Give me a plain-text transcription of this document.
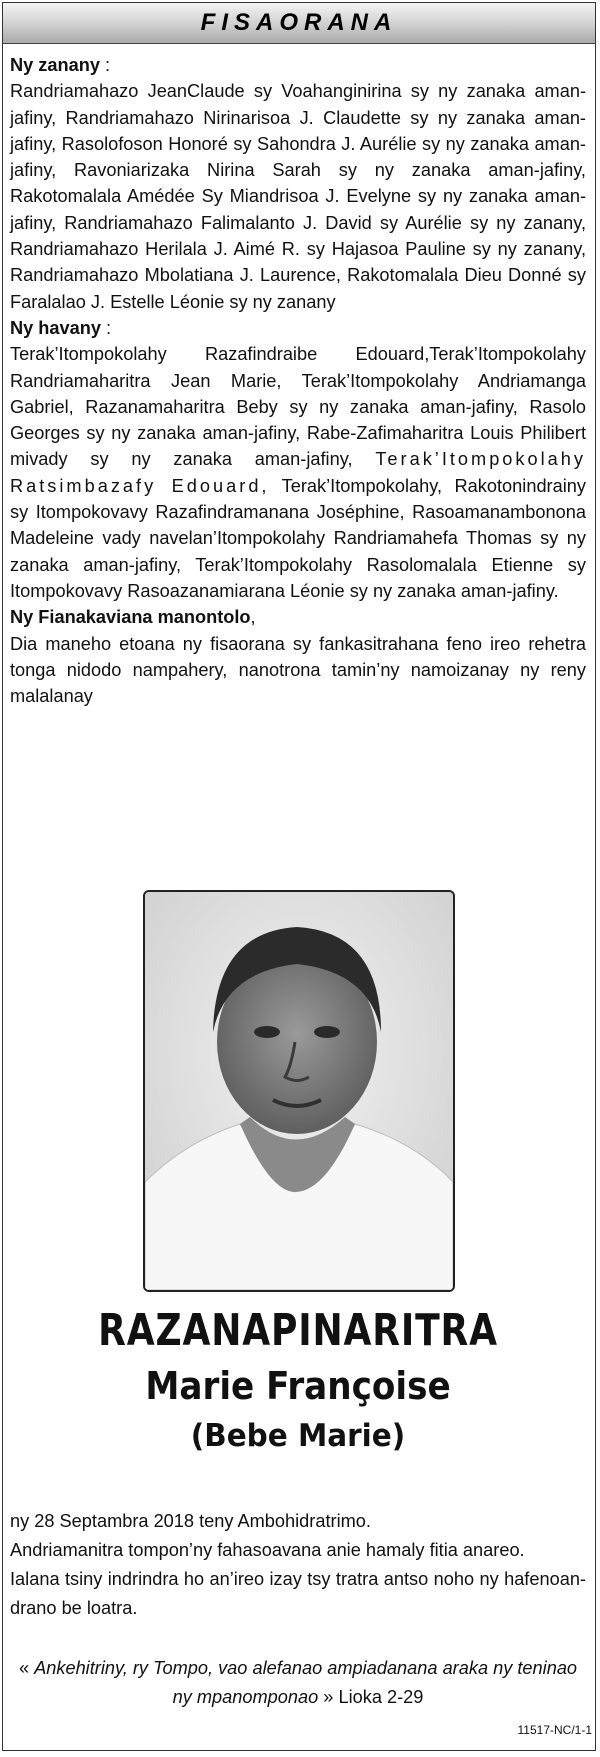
FISAORANA

Ny zanany :

Randriamahazo JeanClaude sy Voahanginirina sy ny zanaka aman-jafiny, Randriamahazo Nirinarisoa J. Claudette sy ny zanaka aman-jafiny, Rasolofoson Honoré sy Sahondra J. Aurélie sy ny zanaka aman-jafiny, Ravoniarizaka Nirina Sarah sy ny zanaka aman-jafiny, Rakotomalala Amédée Sy Miandrisoa J. Evelyne sy ny zanaka aman-jafiny, Randriamahazo Falimalanto J. David sy Aurélie sy ny zanany, Randriamahazo Herilala J. Aimé R. sy Hajasoa Pauline sy ny zanany, Randriamahazo Mbolatiana J. Laurence, Rakotomalala Dieu Donné sy Faralalao J. Estelle Léonie sy ny zanany

Ny havany :

Terak’Itompokolahy Razafindraibe Edouard,Terak’Itompokolahy Randriamaharitra Jean Marie, Terak’Itompokolahy Andriamanga Gabriel, Razanamaharitra Beby sy ny zanaka aman-jafiny, Rasolo Georges sy ny zanaka aman-jafiny, Rabe-Zafimaharitra Louis Philibert mivady sy ny zanaka aman-jafiny, Terak’Itompokolahy Ratsimbazafy Edouard, Terak’Itompokolahy, Rakotonindrainy sy Itompokovavy Razafindramanana Joséphine, Rasoamanambonona Madeleine vady navelan’Itompokolahy Randriamahefa Thomas sy ny zanaka aman-jafiny, Terak’Itompokolahy Rasolomalala Etienne sy Itompokovavy Rasoazanamiarana Léonie sy ny zanaka aman-jafiny.

Ny Fianakaviana manontolo,

Dia maneho etoana ny fisaorana sy fankasitrahana feno ireo rehetra tonga nidodo nampahery, nanotrona tamin’ny namoizanay ny reny malalanay

RAZANAPINARITRA
Marie Françoise
(Bebe Marie)

ny 28 Septambra 2018 teny Ambohidratrimo.

Andriamanitra tompon’ny fahasoavana anie hamaly fitia anareo.

Ialana tsiny indrindra ho an’ireo izay tsy tratra antso noho ny hafenoan-drano be loatra.

« Ankehitriny, ry Tompo, vao alefanao ampiadanana araka ny teninao ny mpanomponao » Lioka 2-29
11517-NC/1-1
